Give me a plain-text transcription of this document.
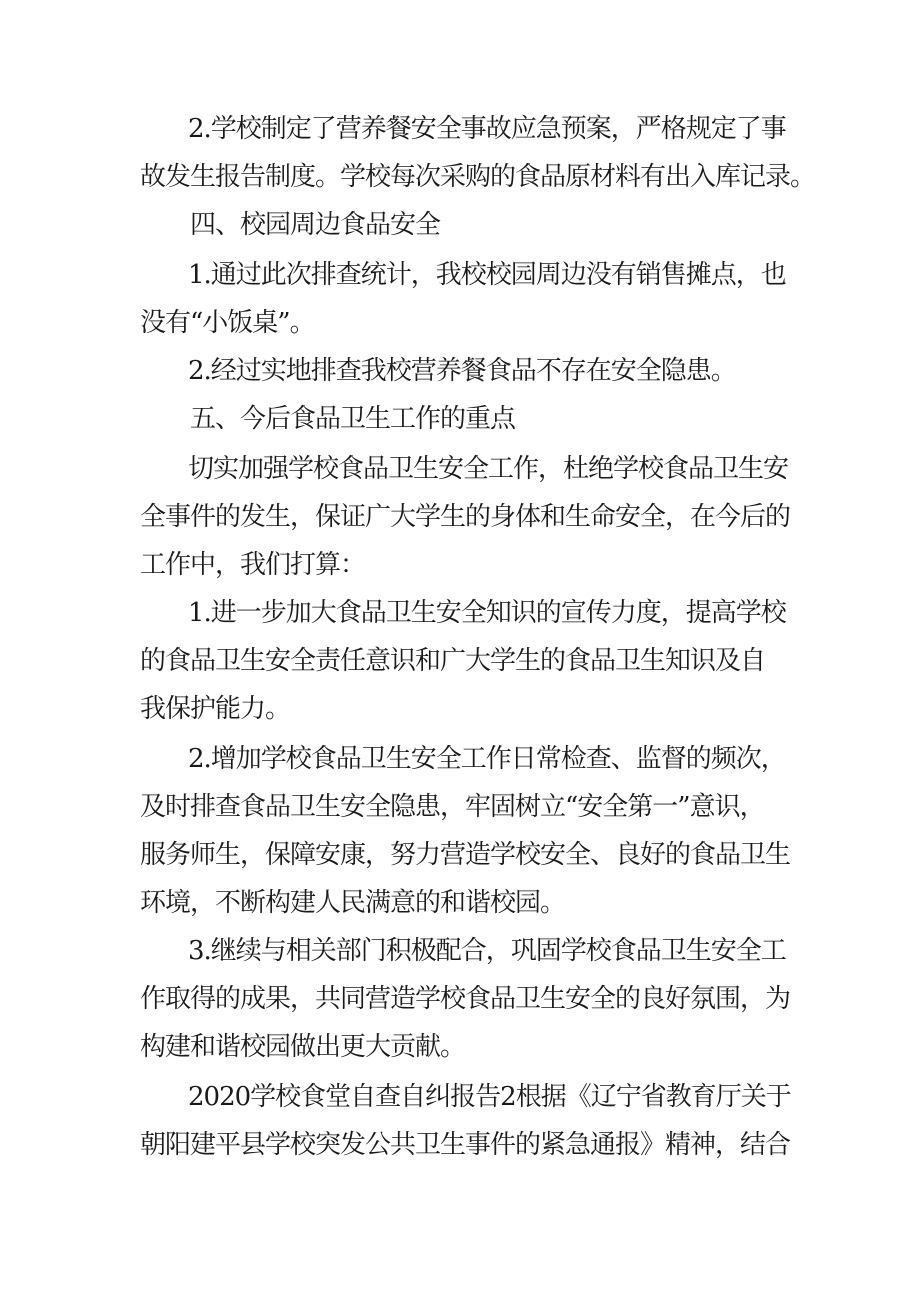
2.学校制定了营养餐安全事故应急预案，严格规定了事
故发生报告制度。学校每次采购的食品原材料有出入库记录。
四、校园周边食品安全
1.通过此次排查统计，我校校园周边没有销售摊点，也
没有“小饭桌”。
2.经过实地排查我校营养餐食品不存在安全隐患。
五、今后食品卫生工作的重点
切实加强学校食品卫生安全工作，杜绝学校食品卫生安
全事件的发生，保证广大学生的身体和生命安全，在今后的
工作中，我们打算：
1.进一步加大食品卫生安全知识的宣传力度，提高学校
的食品卫生安全责任意识和广大学生的食品卫生知识及自
我保护能力。
2.增加学校食品卫生安全工作日常检查、监督的频次，
及时排查食品卫生安全隐患，牢固树立“安全第一”意识，
服务师生，保障安康，努力营造学校安全、良好的食品卫生
环境，不断构建人民满意的和谐校园。
3.继续与相关部门积极配合，巩固学校食品卫生安全工
作取得的成果，共同营造学校食品卫生安全的良好氛围，为
构建和谐校园做出更大贡献。
2020学校食堂自查自纠报告2根据《辽宁省教育厅关于
朝阳建平县学校突发公共卫生事件的紧急通报》精神，结合
